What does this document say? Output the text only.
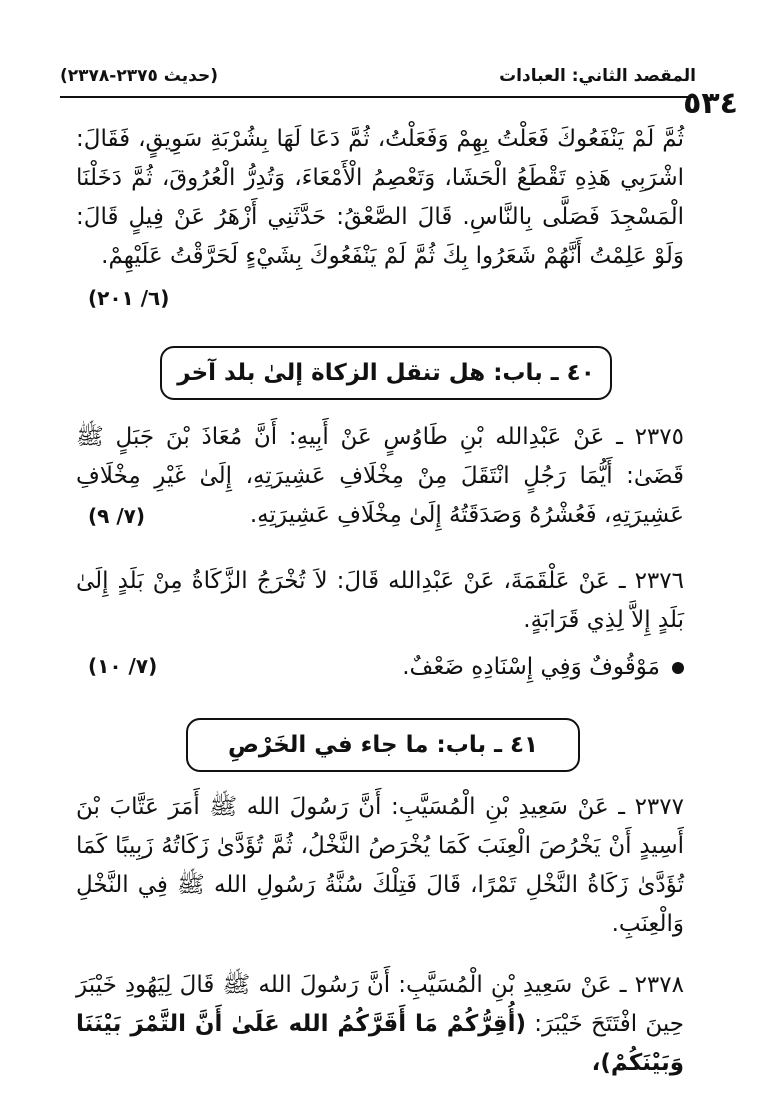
المقصد الثاني: العبادات
(حديث ٢٣٧٥-٢٣٧٨)
٥٣٤
ثُمَّ لَمْ يَنْفَعُوكَ فَعَلْتُ بِهِمْ وَفَعَلْتُ، ثُمَّ دَعَا لَهَا بِشُرْبَةِ سَوِيقٍ، فَقَالَ: اشْرَبِي هَذِهِ تَقْطَعُ الْحَشَا، وَتَعْصِمُ الْأَمْعَاءَ، وَتُدِرُّ الْعُرُوقَ، ثُمَّ دَخَلْنَا الْمَسْجِدَ فَصَلَّى بِالنَّاسِ. قَالَ الصَّعْقُ: حَدَّثَنِي أَزْهَرُ عَنْ فِيلٍ قَالَ: وَلَوْ عَلِمْتُ أَنَّهُمْ شَعَرُوا بِكَ ثُمَّ لَمْ يَنْفَعُوكَ بِشَيْءٍ لَحَرَّقْتُ عَلَيْهِمْ.
(٦/ ٢٠١)
٤٠ ـ باب: هل تنقل الزكاة إلىٰ بلد آخر
٢٣٧٥ ـ عَنْ عَبْدِالله بْنِ طَاوُسٍ عَنْ أَبِيهِ: أَنَّ مُعَاذَ بْنَ جَبَلٍ ﷺ قَضَىٰ: أَيُّمَا رَجُلٍ انْتَقَلَ مِنْ مِخْلَافِ عَشِيرَتِهِ، إِلَىٰ غَيْرِ مِخْلَافِ عَشِيرَتِهِ، فَعُشْرُهُ وَصَدَقَتُهُ إِلَىٰ مِخْلَافِ عَشِيرَتِهِ.
(٧/ ٩)
٢٣٧٦ ـ عَنْ عَلْقَمَةَ، عَنْ عَبْدِالله قَالَ: لاَ تُخْرَجُ الزَّكَاةُ مِنْ بَلَدٍ إِلَىٰ بَلَدٍ إِلاَّ لِذِي قَرَابَةٍ.
مَوْقُوفٌ وَفِي إِسْنَادِهِ ضَعْفٌ.
(٧/ ١٠)
٤١ ـ باب: ما جاء في الخَرْصِ
٢٣٧٧ ـ عَنْ سَعِيدِ بْنِ الْمُسَيَّبِ: أَنَّ رَسُولَ الله ﷺ أَمَرَ عَتَّابَ بْنَ أَسِيدٍ أَنْ يَخْرُصَ الْعِنَبَ كَمَا يُخْرَصُ النَّخْلُ، ثُمَّ تُؤَدَّىٰ زَكَاتُهُ زَبِيبًا كَمَا تُؤَدَّىٰ زَكَاةُ النَّخْلِ تَمْرًا، قَالَ فَتِلْكَ سُنَّةُ رَسُولِ الله ﷺ فِي النَّخْلِ وَالْعِنَبِ.
٢٣٧٨ ـ عَنْ سَعِيدِ بْنِ الْمُسَيَّبِ: أَنَّ رَسُولَ الله ﷺ قَالَ لِيَهُودِ خَيْبَرَ حِينَ افْتَتَحَ خَيْبَرَ: (أُقِرُّكُمْ مَا أَقَرَّكُمُ الله عَلَىٰ أَنَّ التَّمْرَ بَيْنَنَا وَبَيْنَكُمْ)،
